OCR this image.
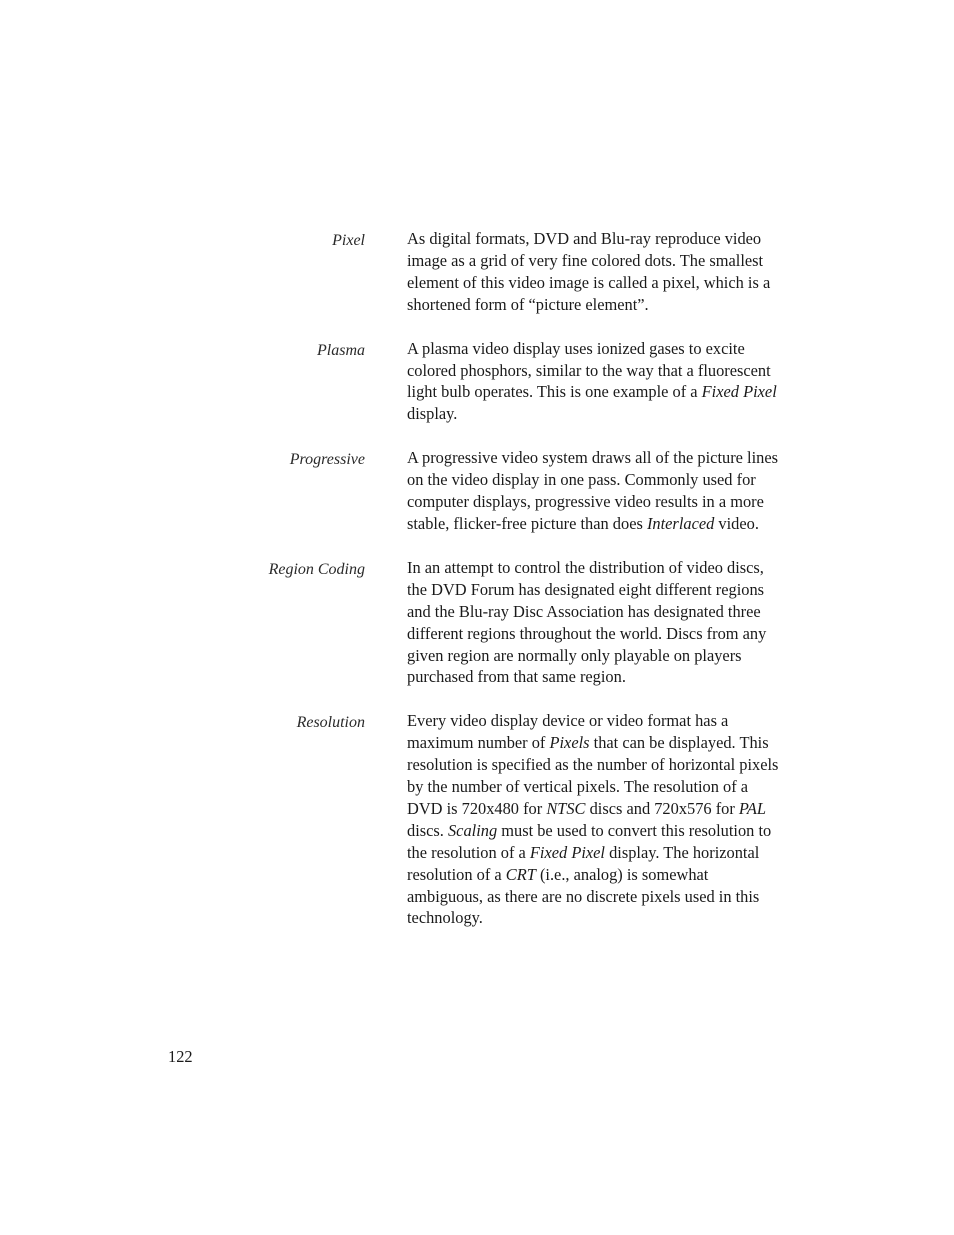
Pixel	As digital formats, DVD and Blu-ray reproduce video image as a grid of very fine colored dots. The smallest element of this video image is called a pixel, which is a shortened form of “picture element”.
Plasma	A plasma video display uses ionized gases to excite colored phosphors, similar to the way that a fluorescent light bulb operates. This is one example of a Fixed Pixel display.
Progressive	A progressive video system draws all of the picture lines on the video display in one pass. Commonly used for computer displays, progressive video results in a more stable, flicker-free picture than does Interlaced video.
Region Coding	In an attempt to control the distribution of video discs, the DVD Forum has designated eight different regions and the Blu-ray Disc Association has designated three different regions throughout the world. Discs from any given region are normally only playable on players purchased from that same region.
Resolution	Every video display device or video format has a maximum number of Pixels that can be displayed. This resolution is specified as the number of horizontal pixels by the number of vertical pixels. The resolution of a DVD is 720x480 for NTSC discs and 720x576 for PAL discs. Scaling must be used to convert this resolution to the resolution of a Fixed Pixel display. The horizontal resolution of a CRT (i.e., analog) is somewhat ambiguous, as there are no discrete pixels used in this technology.
122
